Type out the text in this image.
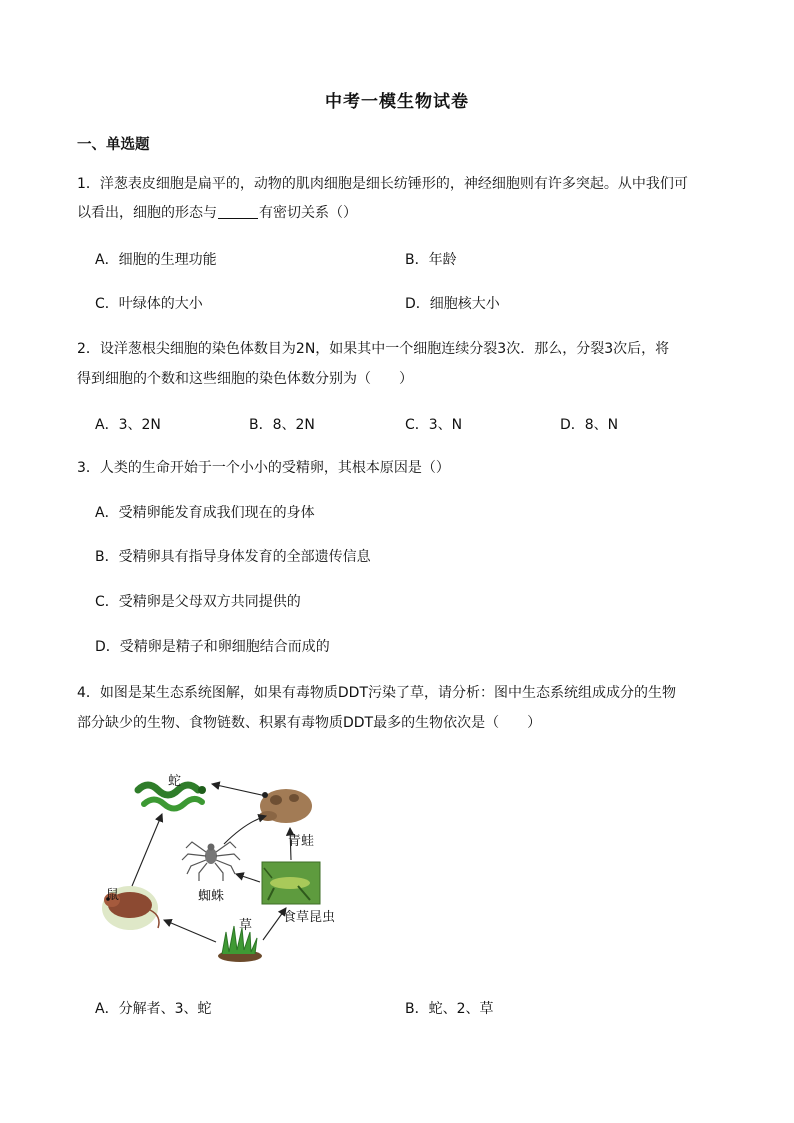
中考一模生物试卷
一、单选题
1．洋葱表皮细胞是扁平的，动物的肌肉细胞是细长纺锤形的，神经细胞则有许多突起。从中我们可
以看出，细胞的形态与	有密切关系（）
A．细胞的生理功能	B．年龄
C．叶绿体的大小	D．细胞核大小
2．设洋葱根尖细胞的染色体数目为2N，如果其中一个细胞连续分裂3次．那么，分裂3次后，将
得到细胞的个数和这些细胞的染色体数分别为（　　）
A．3、2N	B．8、2N	C．3、N	D．8、N
3．人类的生命开始于一个小小的受精卵，其根本原因是（）
A．受精卵能发育成我们现在的身体
B．受精卵具有指导身体发育的全部遗传信息
C．受精卵是父母双方共同提供的
D．受精卵是精子和卵细胞结合而成的
4．如图是某生态系统图解，如果有毒物质DDT污染了草，请分析：图中生态系统组成成分的生物
部分缺少的生物、食物链数、积累有毒物质DDT最多的生物依次是（　　）
蛇
青蛙
蜘蛛
食草昆虫
鼠
草
A．分解者、3、蛇	B．蛇、2、草
